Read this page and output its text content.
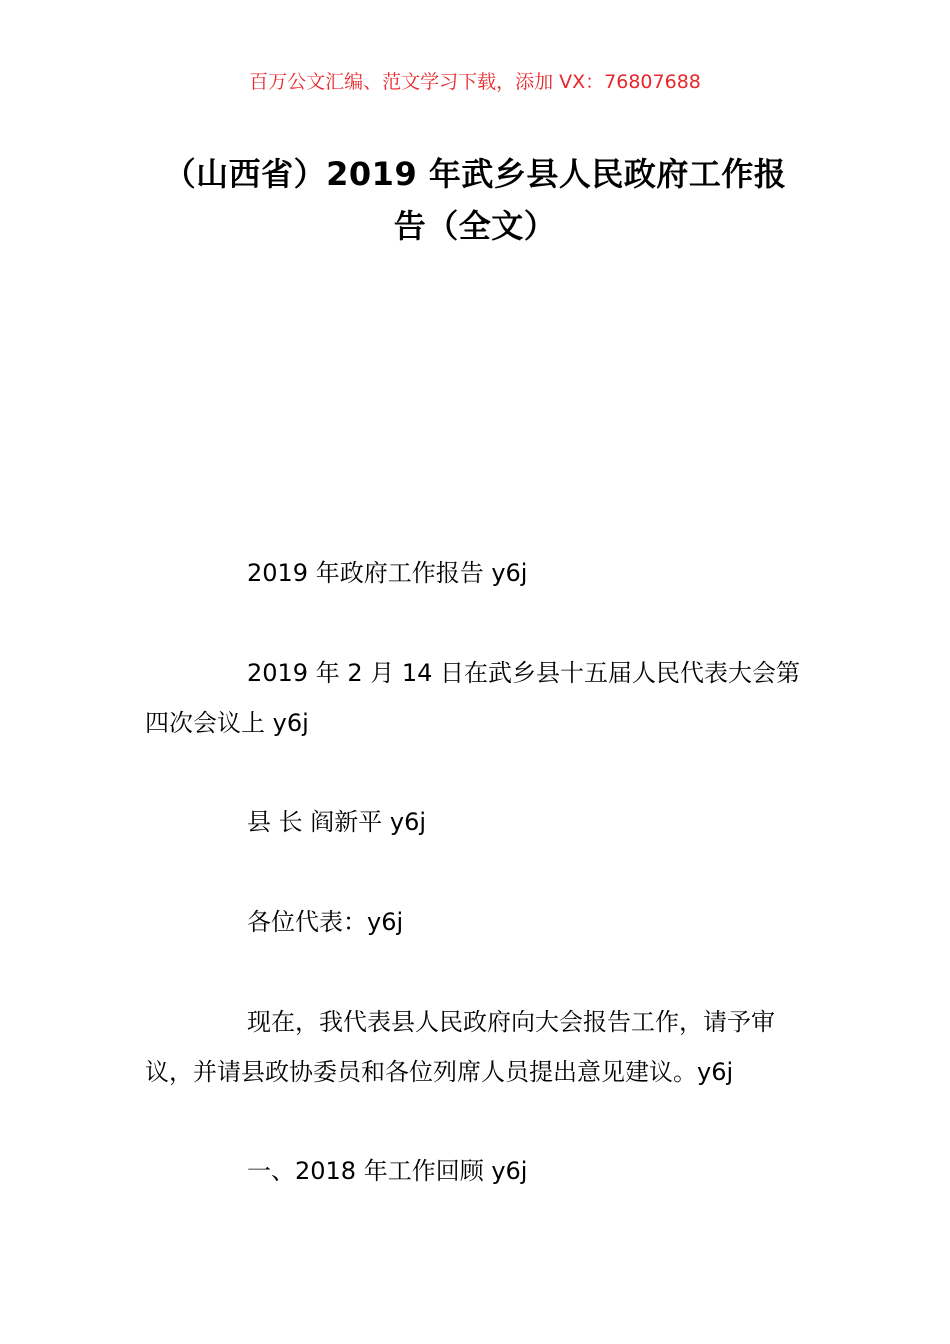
百万公文汇编、范文学习下载，添加 VX：76807688
（山西省）2019 年武乡县人民政府工作报
告（全文）

2019 年政府工作报告 y6j

2019 年 2 月 14 日在武乡县十五届人民代表大会第四次会议上 y6j

县 长 阎新平 y6j

各位代表：y6j

现在，我代表县人民政府向大会报告工作，请予审议，并请县政协委员和各位列席人员提出意见建议。y6j

一、2018 年工作回顾 y6j
